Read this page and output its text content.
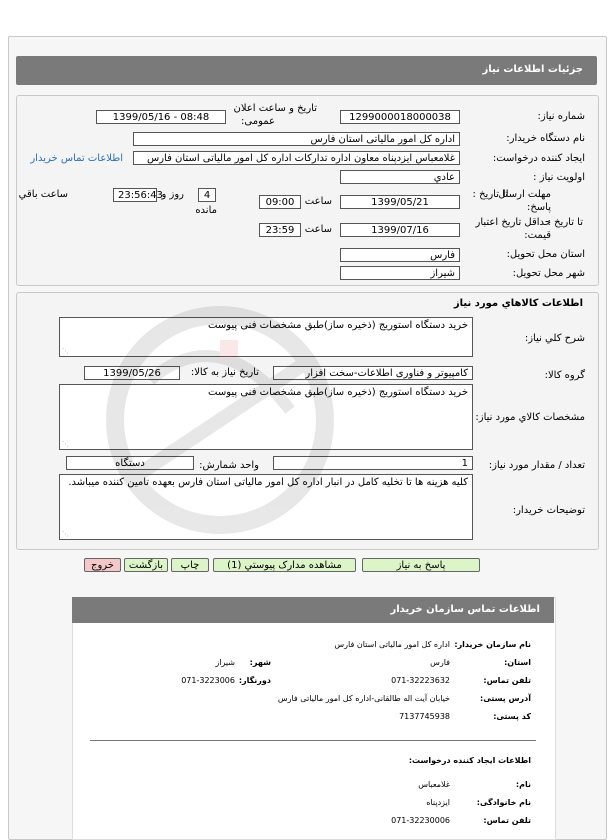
جزئیات اطلاعات نیاز
شماره نیاز:
1299000018000038
تاریخ و ساعت اعلان
عمومی:
1399/05/16 - 08:48
نام دستگاه خریدار:
اداره کل امور مالیاتی استان فارس
ایجاد کننده درخواست:
غلامعباس ایزدپناه معاون اداره تدارکات اداره کل امور مالیاتی استان فارس
اطلاعات تماس خریدار
اولویت نیاز :
عادي
مهلت ارسال
پاسخ:
تا تاریخ :
1399/05/21
ساعت
09:00
4
روز و
مانده
23:56:43
ساعت باقي
حداقل تاریخ اعتبار
قیمت:
تا تاریخ :
1399/07/16
ساعت
23:59
استان محل تحویل:
فارس
شهر محل تحویل:
شیراز
اطلاعات کالاهاي مورد نياز
شرح کلي نياز:
خرید دستگاه استوریج (ذخیره ساز)طبق مشخصات فنی پیوست
⋰
گروه کالا:
کامپیوتر و فناوری اطلاعات-سخت افزار
تاریخ نیاز به کالا:
1399/05/26
مشخصات کالاي مورد نياز:
خرید دستگاه استوریج (ذخیره ساز)طبق مشخصات فنی پیوست
⋰
تعداد / مقدار مورد نیاز:
1
واحد شمارش:
دستگاه
توضیحات خریدار:
کلیه هزینه ها تا تخلیه کامل در انبار اداره کل امور مالیاتی استان فارس بعهده تامین کننده میباشد.
⋰
پاسخ به نیاز
مشاهده مدارک پیوستي (1)
چاپ
بازگشت
خروج
اطلاعات تماس سازمان خریدار
نام سازمان خریدار:
اداره کل امور مالیاتی استان فارس
استان:
فارس
شهر:
شیراز
تلفن تماس:
071-32223632
دورنگار:
071-3223006
آدرس پستی:
خیابان آیت اله طالقانی-اداره کل امور مالیاتی فارس
کد پستی:
7137745938
اطلاعات ایجاد کننده درخواست:
نام:
غلامعباس
نام خانوادگی:
ایزدپناه
تلفن تماس:
071-32230006
